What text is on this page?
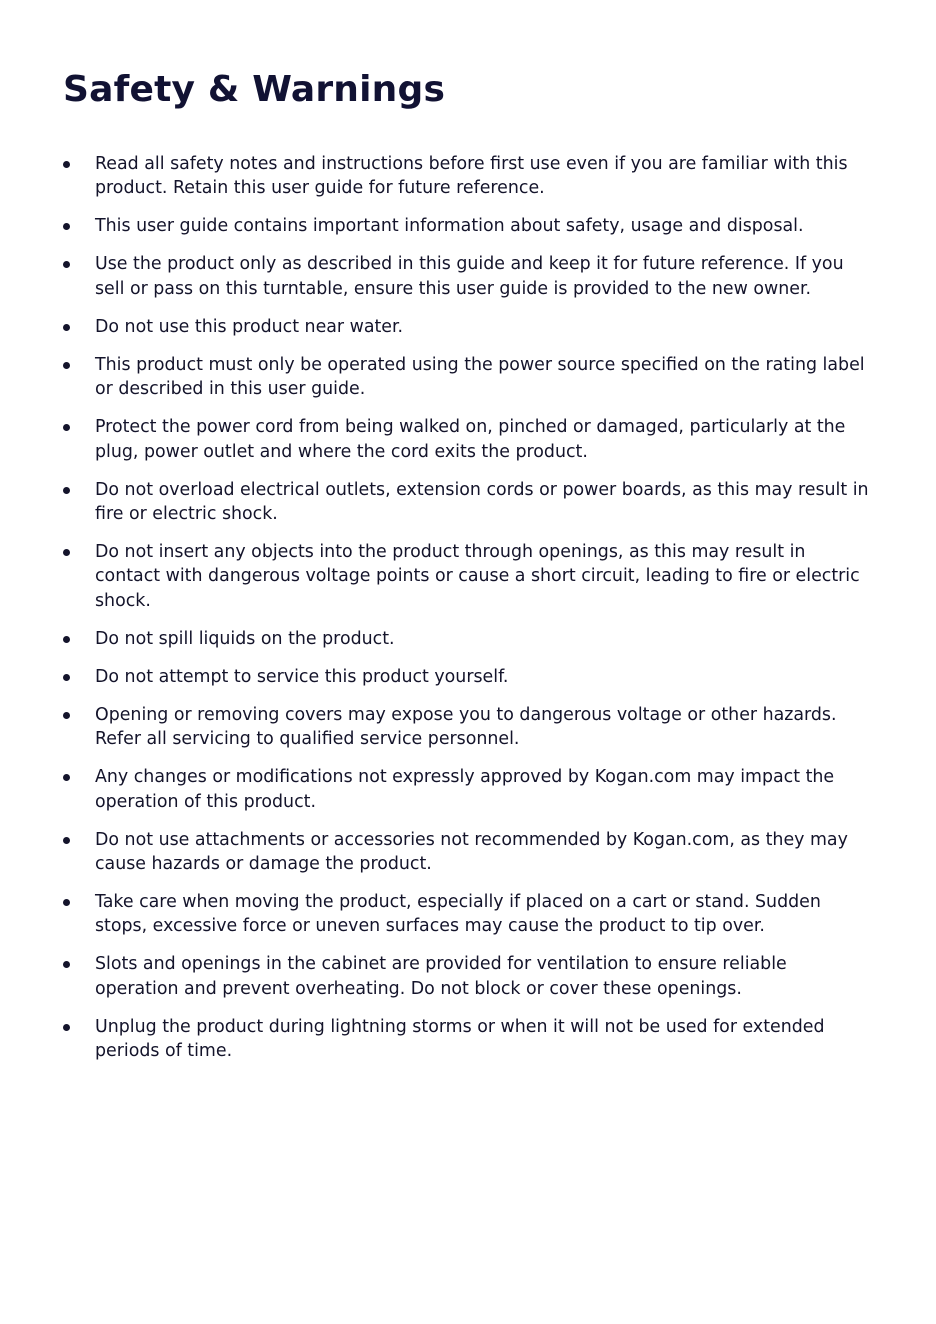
Safety & Warnings
Read all safety notes and instructions before first use even if you are familiar with this product. Retain this user guide for future reference.
This user guide contains important information about safety, usage and disposal.
Use the product only as described in this guide and keep it for future reference. If you sell or pass on this turntable, ensure this user guide is provided to the new owner.
Do not use this product near water.
This product must only be operated using the power source specified on the rating label or described in this user guide.
Protect the power cord from being walked on, pinched or damaged, particularly at the plug, power outlet and where the cord exits the product.
Do not overload electrical outlets, extension cords or power boards, as this may result in fire or electric shock.
Do not insert any objects into the product through openings, as this may result in contact with dangerous voltage points or cause a short circuit, leading to fire or electric shock.
Do not spill liquids on the product.
Do not attempt to service this product yourself.
Opening or removing covers may expose you to dangerous voltage or other hazards. Refer all servicing to qualified service personnel.
Any changes or modifications not expressly approved by Kogan.com may impact the operation of this product.
Do not use attachments or accessories not recommended by Kogan.com, as they may cause hazards or damage the product.
Take care when moving the product, especially if placed on a cart or stand. Sudden stops, excessive force or uneven surfaces may cause the product to tip over.
Slots and openings in the cabinet are provided for ventilation to ensure reliable operation and prevent overheating. Do not block or cover these openings.
Unplug the product during lightning storms or when it will not be used for extended periods of time.
